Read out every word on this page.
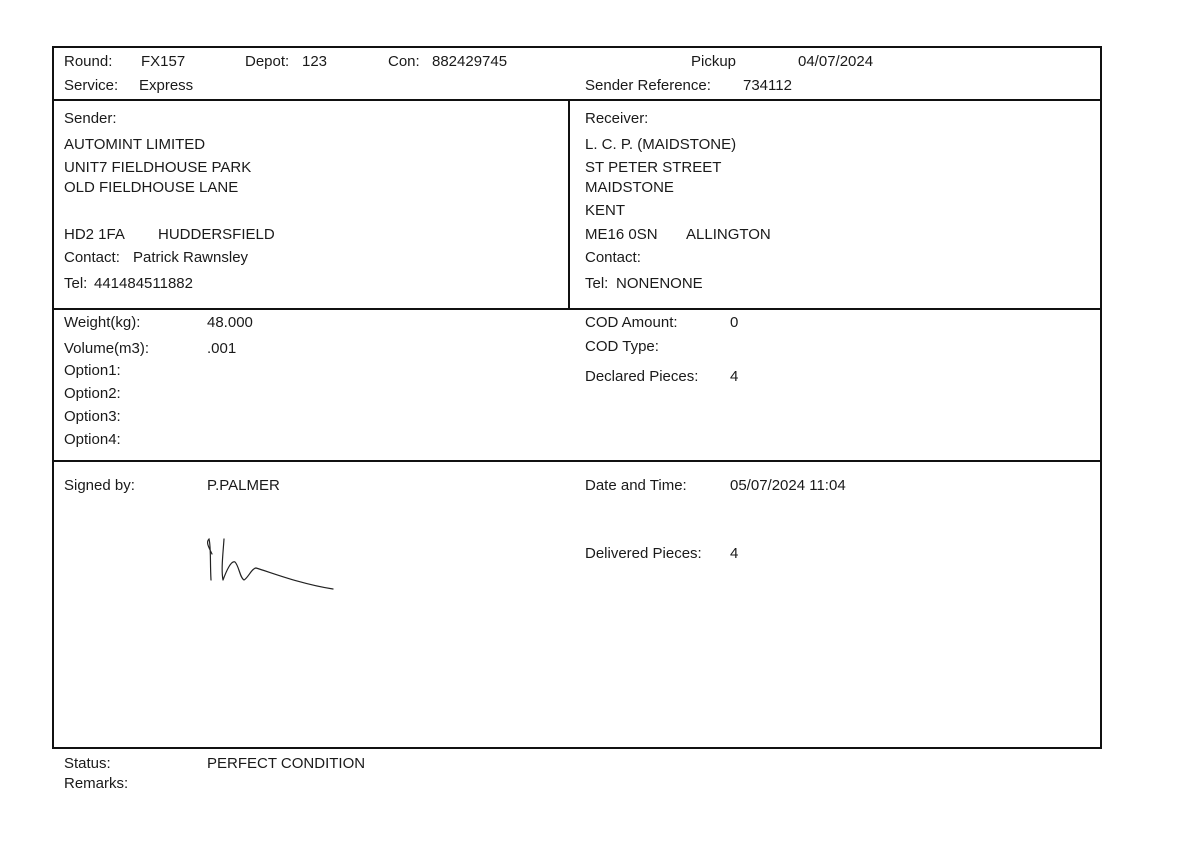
Round: FX157	Depot: 123	Con: 882429745	Pickup	04/07/2024
Service: Express	Sender Reference: 734112
Sender:
AUTOMINT LIMITED
UNIT7 FIELDHOUSE PARK
OLD FIELDHOUSE LANE
HD2 1FA HUDDERSFIELD
Contact: Patrick Rawnsley
Tel: 441484511882
Receiver:
L. C. P. (MAIDSTONE)
ST PETER STREET
MAIDSTONE
KENT
ME16 0SN ALLINGTON
Contact:
Tel: NONENONE
Weight(kg):	48.000
Volume(m3):	.001
Option1:
Option2:
Option3:
Option4:
COD Amount:	0
COD Type:
Declared Pieces: 4
Signed by:	P.PALMER	Date and Time:	05/07/2024 11:04
Delivered Pieces: 4
Status:	PERFECT CONDITION
Remarks:
